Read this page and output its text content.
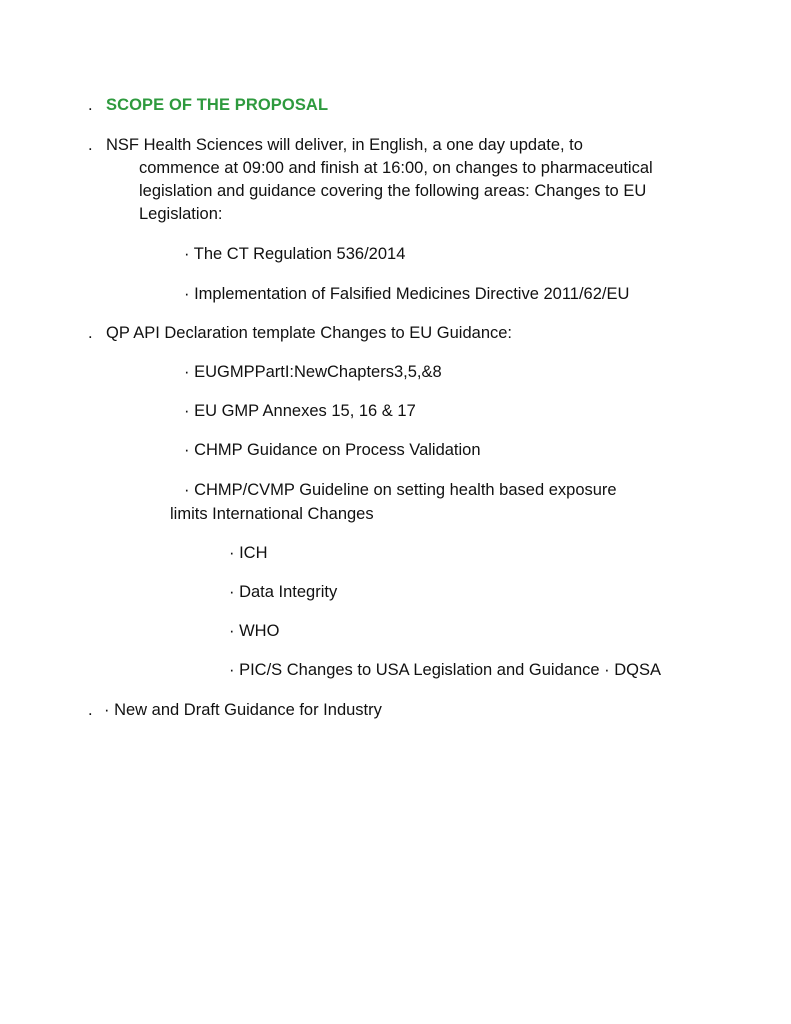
. SCOPE OF THE PROPOSAL
. NSF Health Sciences will deliver, in English, a one day update, to
commence at 09:00 and finish at 16:00, on changes to pharmaceutical
legislation and guidance covering the following areas: Changes to EU
Legislation:
· The CT Regulation 536/2014
· Implementation of Falsified Medicines Directive 2011/62/EU
. QP API Declaration template Changes to EU Guidance:
· EUGMPPartI:NewChapters3,5,&8
· EU GMP Annexes 15, 16 & 17
· CHMP Guidance on Process Validation
· CHMP/CVMP Guideline on setting health based exposure
limits International Changes
· ICH
· Data Integrity
· WHO
· PIC/S Changes to USA Legislation and Guidance · DQSA
. · New and Draft Guidance for Industry
